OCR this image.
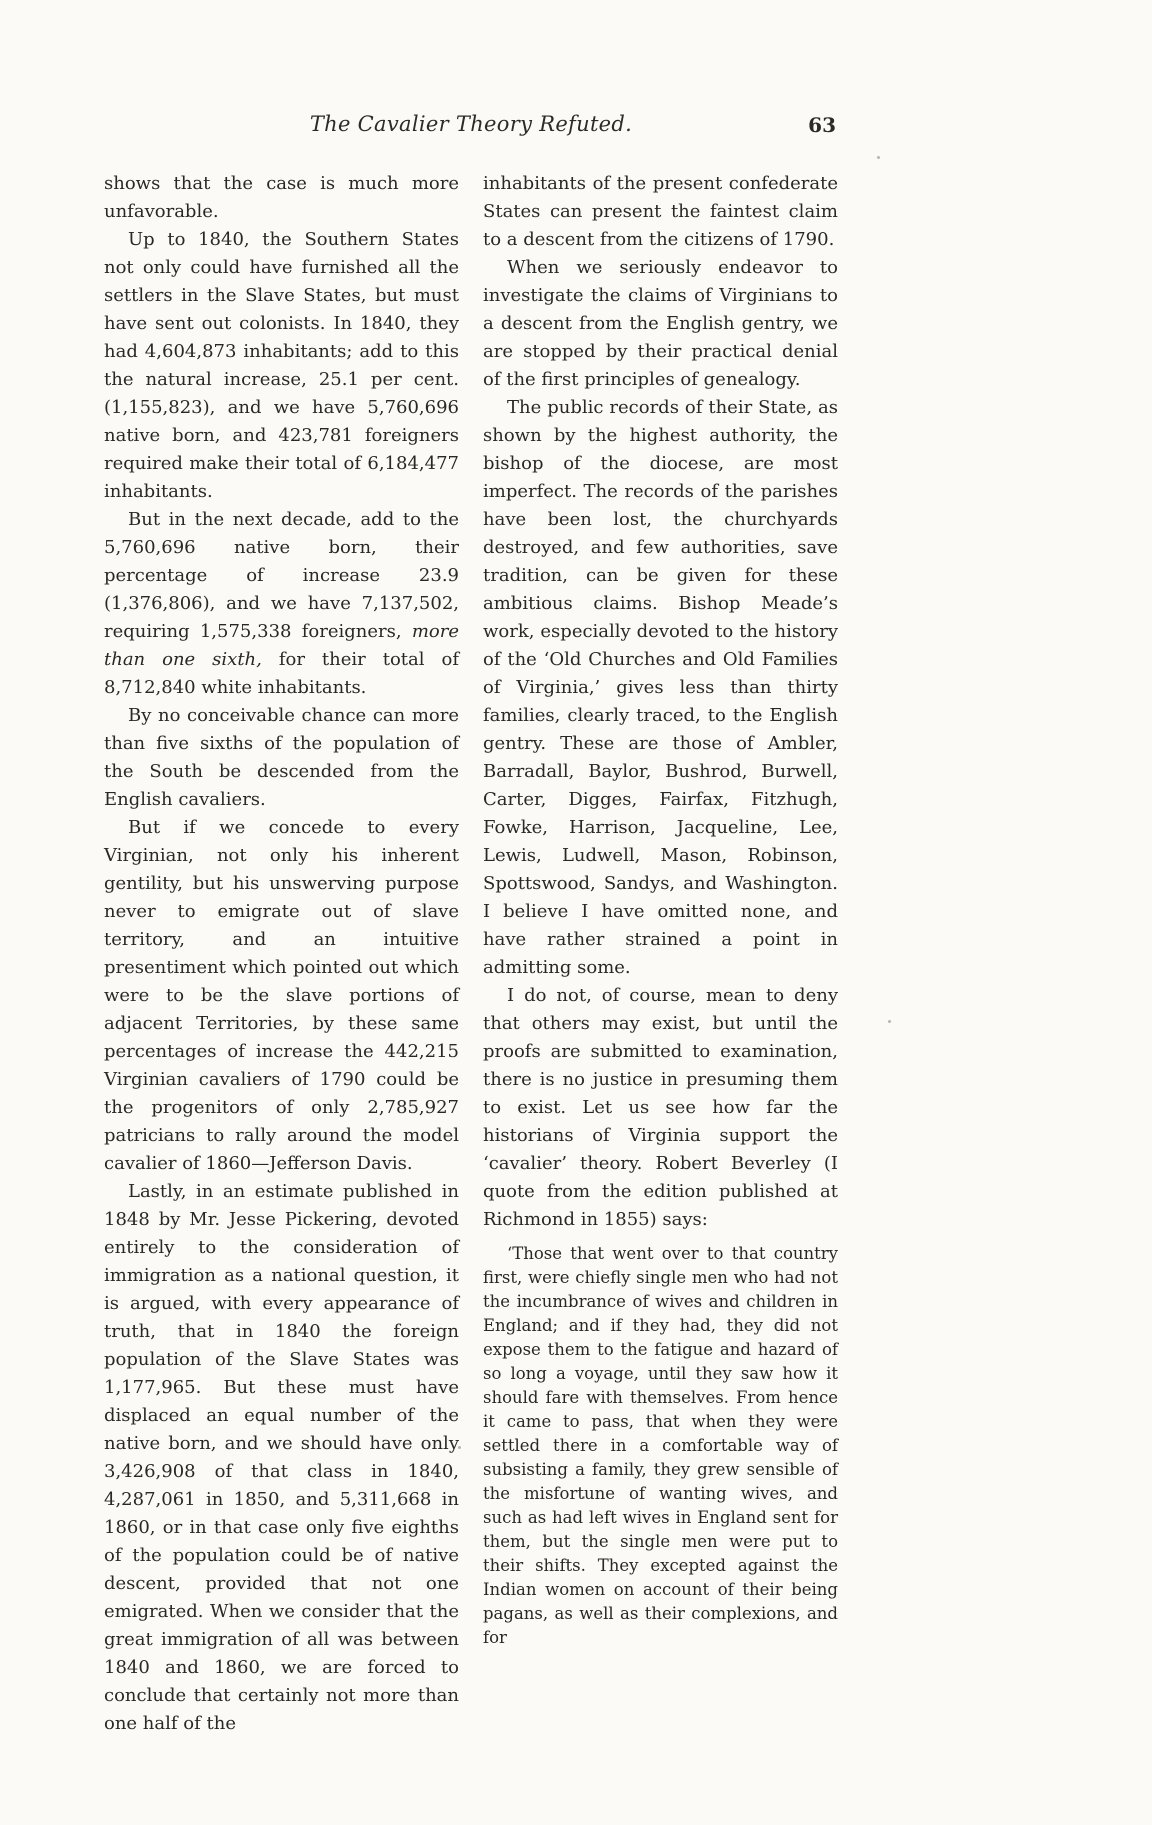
The Cavalier Theory Refuted.	63

shows that the case is much more unfavorable.

Up to 1840, the Southern States not only could have furnished all the settlers in the Slave States, but must have sent out colonists. In 1840, they had 4,604,873 inhabitants; add to this the natural increase, 25.1 per cent. (1,155,823), and we have 5,760,696 native born, and 423,781 foreigners required make their total of 6,184,477 inhabitants.

But in the next decade, add to the 5,760,696 native born, their percentage of increase 23.9 (1,376,806), and we have 7,137,502, requiring 1,575,338 foreigners, more than one sixth, for their total of 8,712,840 white inhabitants.

By no conceivable chance can more than five sixths of the population of the South be descended from the English cavaliers.

But if we concede to every Virginian, not only his inherent gentility, but his unswerving purpose never to emigrate out of slave territory, and an intuitive presentiment which pointed out which were to be the slave portions of adjacent Territories, by these same percentages of increase the 442,215 Virginian cavaliers of 1790 could be the progenitors of only 2,785,927 patricians to rally around the model cavalier of 1860—Jefferson Davis.

Lastly, in an estimate published in 1848 by Mr. Jesse Pickering, devoted entirely to the consideration of immigration as a national question, it is argued, with every appearance of truth, that in 1840 the foreign population of the Slave States was 1,177,965. But these must have displaced an equal number of the native born, and we should have only 3,426,908 of that class in 1840, 4,287,061 in 1850, and 5,311,668 in 1860, or in that case only five eighths of the population could be of native descent, provided that not one emigrated. When we consider that the great immigration of all was between 1840 and 1860, we are forced to conclude that certainly not more than one half of the

inhabitants of the present confederate States can present the faintest claim to a descent from the citizens of 1790.

When we seriously endeavor to investigate the claims of Virginians to a descent from the English gentry, we are stopped by their practical denial of the first principles of genealogy.

The public records of their State, as shown by the highest authority, the bishop of the diocese, are most imperfect. The records of the parishes have been lost, the churchyards destroyed, and few authorities, save tradition, can be given for these ambitious claims. Bishop Meade’s work, especially devoted to the history of the ‘Old Churches and Old Families of Virginia,’ gives less than thirty families, clearly traced, to the English gentry. These are those of Ambler, Barradall, Baylor, Bushrod, Burwell, Carter, Digges, Fairfax, Fitzhugh, Fowke, Harrison, Jacqueline, Lee, Lewis, Ludwell, Mason, Robinson, Spottswood, Sandys, and Washington. I believe I have omitted none, and have rather strained a point in admitting some.

I do not, of course, mean to deny that others may exist, but until the proofs are submitted to examination, there is no justice in presuming them to exist. Let us see how far the historians of Virginia support the ‘cavalier’ theory. Robert Beverley (I quote from the edition published at Richmond in 1855) says:

‘Those that went over to that country first, were chiefly single men who had not the incumbrance of wives and children in England; and if they had, they did not expose them to the fatigue and hazard of so long a voyage, until they saw how it should fare with themselves. From hence it came to pass, that when they were settled there in a comfortable way of subsisting a family, they grew sensible of the misfortune of wanting wives, and such as had left wives in England sent for them, but the single men were put to their shifts. They excepted against the Indian women on account of their being pagans, as well as their complexions, and for
